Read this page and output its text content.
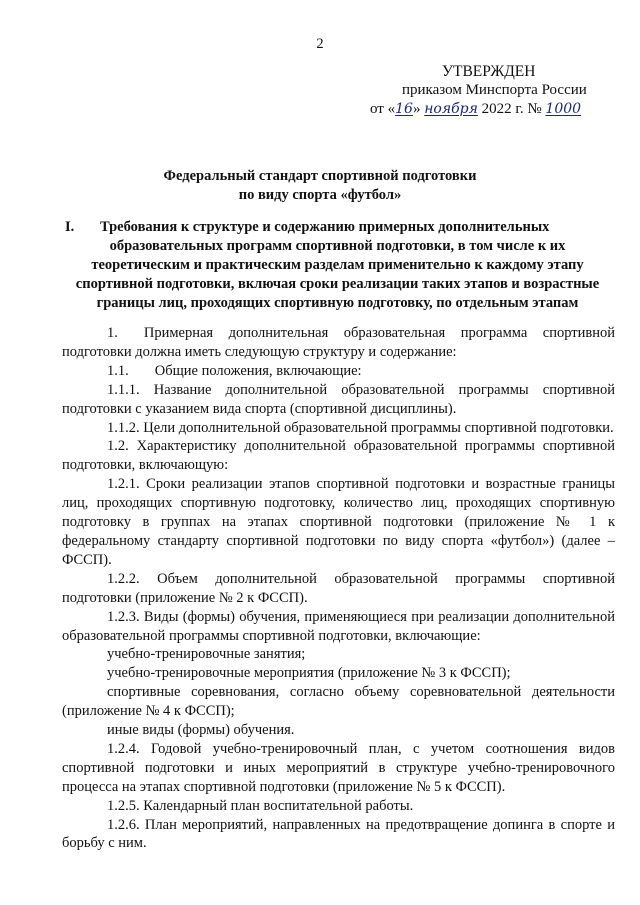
2
УТВЕРЖДЕН
приказом Минспорта России
от «16» ноября 2022 г. № 1000
Федеральный стандарт спортивной подготовки
по виду спорта «футбол»
I.	Требования к структуре и содержанию примерных дополнительных
образовательных программ спортивной подготовки, в том числе к их
теоретическим и практическим разделам применительно к каждому этапу
спортивной подготовки, включая сроки реализации таких этапов и возрастные
границы лиц, проходящих спортивную подготовку, по отдельным этапам

1. Примерная дополнительная образовательная программа спортивной подготовки должна иметь следующую структуру и содержание:

1.1. Общие положения, включающие:

1.1.1. Название дополнительной образовательной программы спортивной подготовки с указанием вида спорта (спортивной дисциплины).

1.1.2. Цели дополнительной образовательной программы спортивной подготовки.

1.2. Характеристику дополнительной образовательной программы спортивной подготовки, включающую:

1.2.1. Сроки реализации этапов спортивной подготовки и возрастные границы лиц, проходящих спортивную подготовку, количество лиц, проходящих спортивную подготовку в группах на этапах спортивной подготовки (приложение № 1 к федеральному стандарту спортивной подготовки по виду спорта «футбол») (далее – ФССП).

1.2.2. Объем дополнительной образовательной программы спортивной подготовки (приложение № 2 к ФССП).

1.2.3. Виды (формы) обучения, применяющиеся при реализации дополнительной образовательной программы спортивной подготовки, включающие:

учебно-тренировочные занятия;

учебно-тренировочные мероприятия (приложение № 3 к ФССП);

спортивные соревнования, согласно объему соревновательной деятельности (приложение № 4 к ФССП);

иные виды (формы) обучения.

1.2.4. Годовой учебно-тренировочный план, с учетом соотношения видов спортивной подготовки и иных мероприятий в структуре учебно-тренировочного процесса на этапах спортивной подготовки (приложение № 5 к ФССП).

1.2.5. Календарный план воспитательной работы.

1.2.6. План мероприятий, направленных на предотвращение допинга в спорте и борьбу с ним.
